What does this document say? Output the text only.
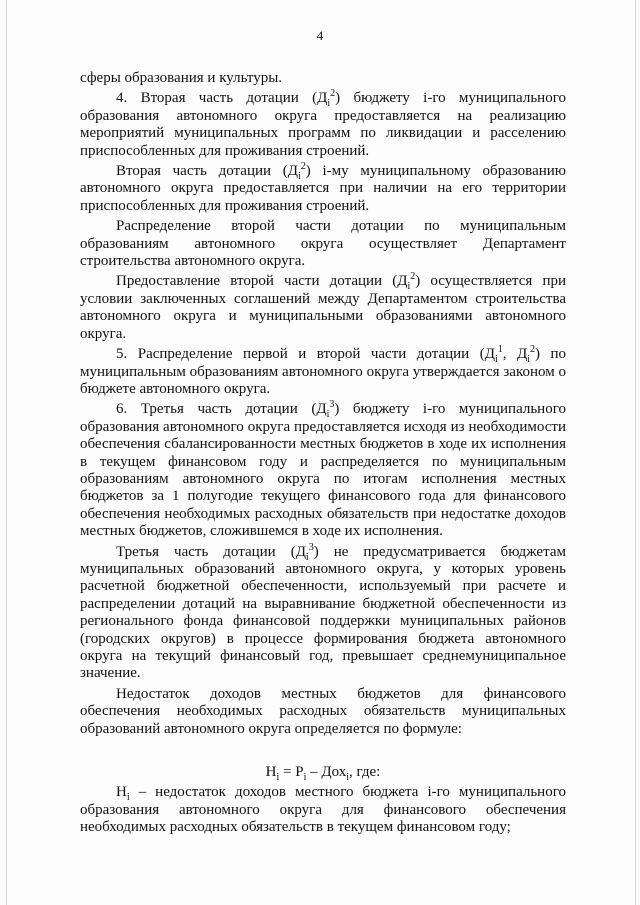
4

сферы образования и культуры.

4. Вторая часть дотации $(Д_i^2)$ бюджету i-го муниципального образования автономного округа предоставляется на реализацию мероприятий муниципальных программ по ликвидации и расселению приспособленных для проживания строений.

Вторая часть дотации $(Д_i^2)$ i-му муниципальному образованию автономного округа предоставляется при наличии на его территории приспособленных для проживания строений.

Распределение второй части дотации по муниципальным образованиям автономного округа осуществляет Департамент строительства автономного округа.

Предоставление второй части дотации $(Д_i^2)$ осуществляется при условии заключенных соглашений между Департаментом строительства автономного округа и муниципальными образованиями автономного округа.

5. Распределение первой и второй части дотации ($Д_i^1$, $Д_i^2$) по муниципальным образованиям автономного округа утверждается законом о бюджете автономного округа.

6. Третья часть дотации $(Д_i^3)$ бюджету i-го муниципального образования автономного округа предоставляется исходя из необходимости обеспечения сбалансированности местных бюджетов в ходе их исполнения в текущем финансовом году и распределяется по муниципальным образованиям автономного округа по итогам исполнения местных бюджетов за 1 полугодие текущего финансового года для финансового обеспечения необходимых расходных обязательств при недостатке доходов местных бюджетов, сложившемся в ходе их исполнения.

Третья часть дотации $(Д_i^3)$ не предусматривается бюджетам муниципальных образований автономного округа, у которых уровень расчетной бюджетной обеспеченности, используемый при расчете и распределении дотаций на выравнивание бюджетной обеспеченности из регионального фонда финансовой поддержки муниципальных районов (городских округов) в процессе формирования бюджета автономного округа на текущий финансовый год, превышает среднемуниципальное значение.

Недостаток доходов местных бюджетов для финансового обеспечения необходимых расходных обязательств муниципальных образований автономного округа определяется по формуле:

$Н_i = Р_i - Дох_i$, где:

$Н_i$ – недостаток доходов местного бюджета i-го муниципального образования автономного округа для финансового обеспечения необходимых расходных обязательств в текущем финансовом году;
